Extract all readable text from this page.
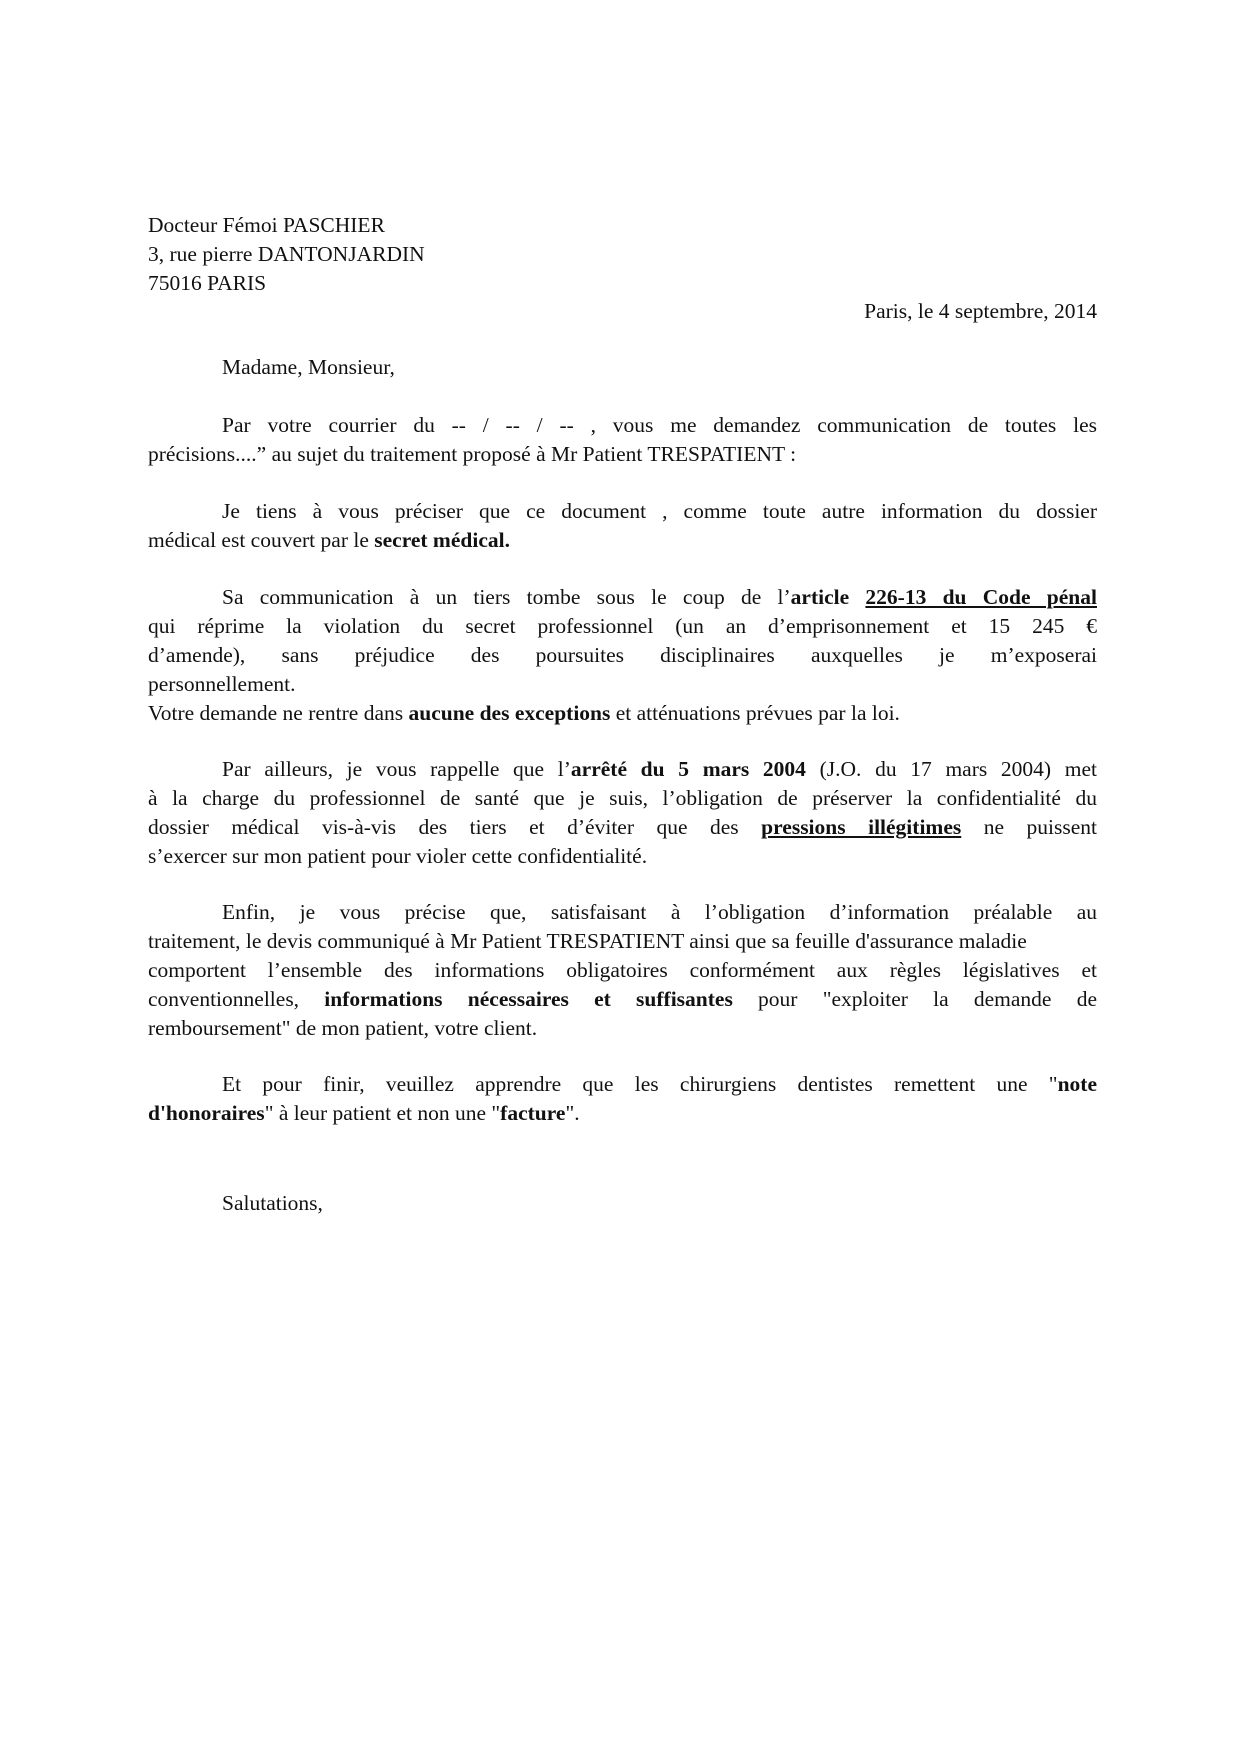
Docteur Fémoi PASCHIER
3, rue pierre DANTONJARDIN
75016 PARIS
Paris, le 4 septembre, 2014
Madame, Monsieur,
Par votre courrier du -- / -- / -- , vous me demandez communication de toutes les
précisions....” au sujet du traitement proposé à Mr Patient TRESPATIENT :
Je tiens à vous préciser que ce document , comme toute autre information du dossier
médical est couvert par le secret médical.
Sa communication à un tiers tombe sous le coup de l’article 226-13 du Code pénal
qui réprime la violation du secret professionnel (un an d’emprisonnement et 15 245 €
d’amende), sans préjudice des poursuites disciplinaires auxquelles je m’exposerai
personnellement.
Votre demande ne rentre dans aucune des exceptions et atténuations prévues par la loi.
Par ailleurs, je vous rappelle que l’arrêté du 5 mars 2004 (J.O. du 17 mars 2004) met
à la charge du professionnel de santé que je suis, l’obligation de préserver la confidentialité du
dossier médical vis-à-vis des tiers et d’éviter que des pressions illégitimes ne puissent
s’exercer sur mon patient pour violer cette confidentialité.
Enfin, je vous précise que, satisfaisant à l’obligation d’information préalable au
traitement, le devis communiqué à Mr Patient TRESPATIENT ainsi que sa feuille d'assurance maladie
comportent l’ensemble des informations obligatoires conformément aux règles législatives et
conventionnelles, informations nécessaires et suffisantes pour "exploiter la demande de
remboursement" de mon patient, votre client.
Et pour finir, veuillez apprendre que les chirurgiens dentistes remettent une "note
d'honoraires" à leur patient et non une "facture".
Salutations,
